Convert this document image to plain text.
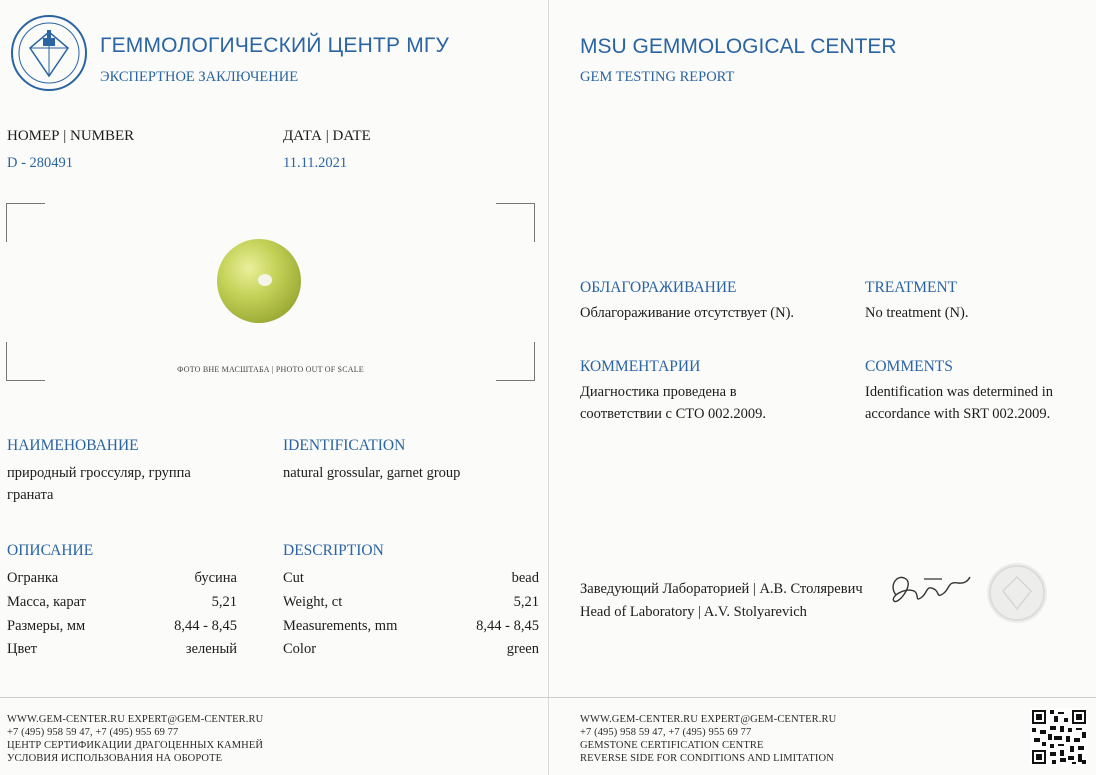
ГЕММОЛОГИЧЕСКИЙ ЦЕНТР МГУ
ЭКСПЕРТНОЕ ЗАКЛЮЧЕНИЕ
НОМЕР | NUMBER
D - 280491
ДАТА | DATE
11.11.2021
ФОТО ВНЕ МАСШТАБА | PHOTO OUT OF SCALE
НАИМЕНОВАНИЕ
природный гроссуляр, группа граната
IDENTIFICATION
natural grossular, garnet group
ОПИСАНИЕ	DESCRIPTION
Огранка	бусина
Масса, карат	5,21
Размеры, мм	8,44 - 8,45
Цвет	зеленый
Cut	bead
Weight, ct	5,21
Measurements, mm	8,44 - 8,45
Color	green
WWW.GEM-CENTER.RU EXPERT@GEM-CENTER.RU
+7 (495) 958 59 47, +7 (495) 955 69 77
ЦЕНТР СЕРТИФИКАЦИИ ДРАГОЦЕННЫХ КАМНЕЙ
УСЛОВИЯ ИСПОЛЬЗОВАНИЯ НА ОБОРОТЕ
MSU GEMMOLOGICAL CENTER
GEM TESTING REPORT
ОБЛАГОРАЖИВАНИЕ
Облагораживание отсутствует (N).
TREATMENT
No treatment (N).
КОММЕНТАРИИ
Диагностика проведена в соответствии с СТО 002.2009.
COMMENTS
Identification was determined in accordance with SRT 002.2009.
Заведующий Лабораторией | А.В. Столяревич
Head of Laboratory | A.V. Stolyarevich
WWW.GEM-CENTER.RU EXPERT@GEM-CENTER.RU
+7 (495) 958 59 47, +7 (495) 955 69 77
GEMSTONE CERTIFICATION CENTRE
REVERSE SIDE FOR CONDITIONS AND LIMITATION
